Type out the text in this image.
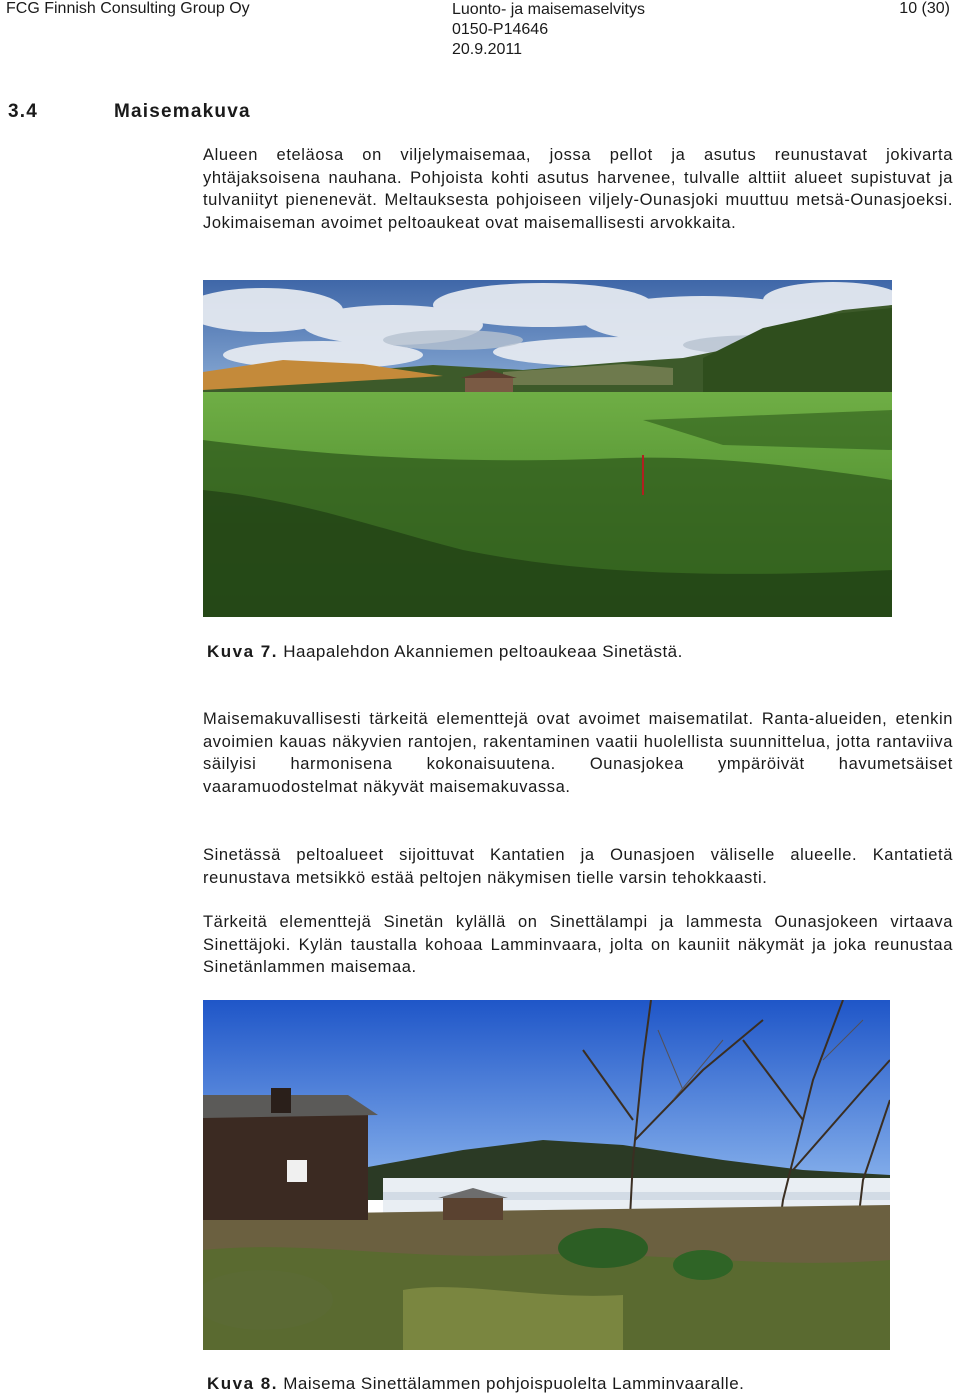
FCG Finnish Consulting Group Oy	Luonto- ja maisemaselvitys
0150-P14646
20.9.2011
10 (30)
3.4	Maisemakuva

Alueen eteläosa on viljelymaisemaa, jossa pellot ja asutus reunustavat jokivarta yhtäjaksoisena nauhana. Pohjoista kohti asutus harvenee, tulvalle alttiit alueet supistuvat ja tulvaniityt pienenevät. Meltauksesta pohjoiseen viljely-Ounasjoki muuttuu metsä-Ounasjoeksi. Jokimaiseman avoimet peltoaukeat ovat maisemallisesti arvokkaita.

Kuva 7. Haapalehdon Akanniemen peltoaukeaa Sinetästä.

Maisemakuvallisesti tärkeitä elementtejä ovat avoimet maisematilat. Ranta-alueiden, etenkin avoimien kauas näkyvien rantojen, rakentaminen vaatii huolellista suunnittelua, jotta rantaviiva säilyisi harmonisena kokonaisuutena. Ounasjokea ympäröivät havumetsäiset vaaramuodostelmat näkyvät maisemakuvassa.

Sinetässä peltoalueet sijoittuvat Kantatien ja Ounasjoen väliselle alueelle. Kantatietä reunustava metsikkö estää peltojen näkymisen tielle varsin tehokkaasti.

Tärkeitä elementtejä Sinetän kylällä on Sinettälampi ja lammesta Ounasjokeen virtaava Sinettäjoki. Kylän taustalla kohoaa Lamminvaara, jolta on kauniit näkymät ja joka reunustaa Sinetänlammen maisemaa.

Kuva 8. Maisema Sinettälammen pohjoispuolelta Lamminvaaralle.
